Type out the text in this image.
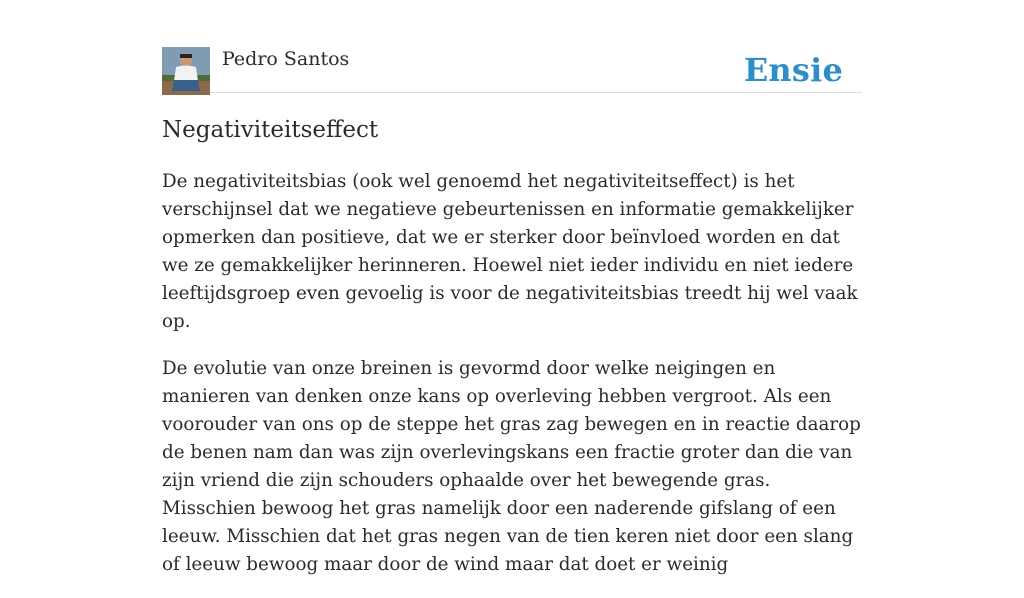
Pedro Santos	Ensie
Negativiteitseffect

De negativiteitsbias (ook wel genoemd het negativiteitseffect) is het verschijnsel dat we negatieve gebeurtenissen en informatie gemakkelijker opmerken dan positieve, dat we er sterker door beïnvloed worden en dat we ze gemakkelijker herinneren. Hoewel niet ieder individu en niet iedere leeftijdsgroep even gevoelig is voor de negativiteitsbias treedt hij wel vaak op.

De evolutie van onze breinen is gevormd door welke neigingen en manieren van denken onze kans op overleving hebben vergroot. Als een voorouder van ons op de steppe het gras zag bewegen en in reactie daarop de benen nam dan was zijn overlevingskans een fractie groter dan die van zijn vriend die zijn schouders ophaalde over het bewegende gras. Misschien bewoog het gras namelijk door een naderende gifslang of een leeuw. Misschien dat het gras negen van de tien keren niet door een slang of leeuw bewoog maar door de wind maar dat doet er weinig
